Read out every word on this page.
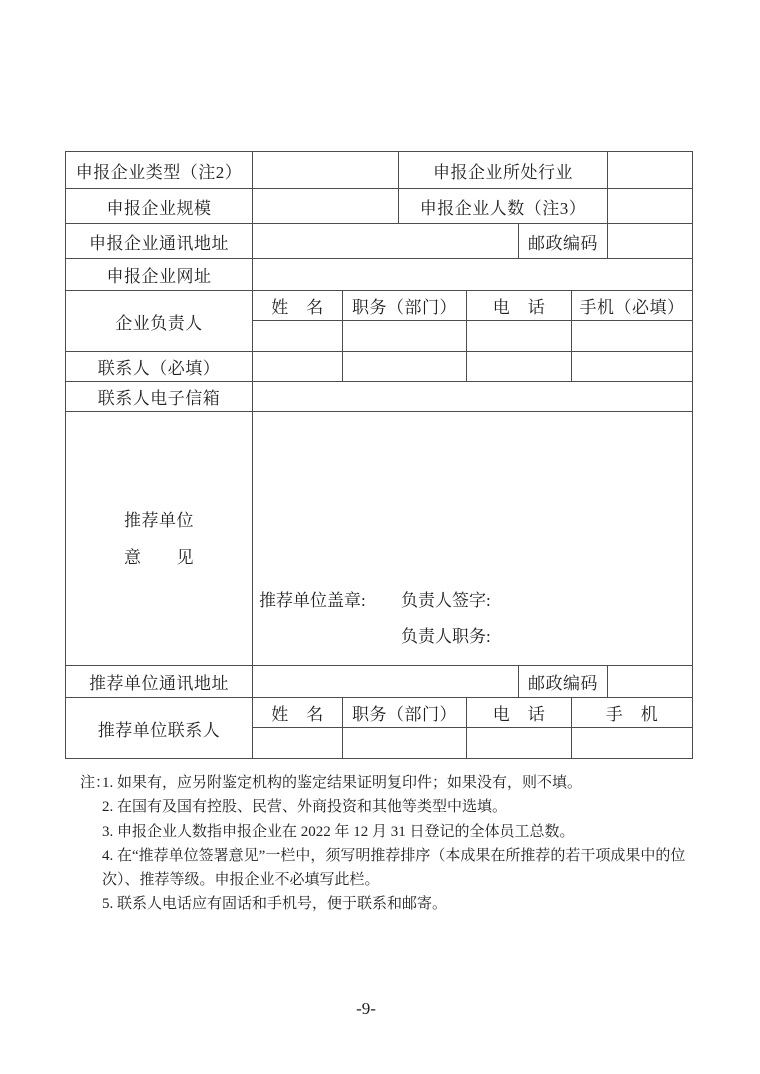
申报企业类型（注2）			申报企业所处行业				
申报企业规模			申报企业人数（注3）				
申报企业通讯地址					邮政编码		
申报企业网址							
企业负责人	姓　名	职务（部门）		电　话		手机（必填）	

联系人（必填）							
联系人电子信箱							

推荐单位
意　　见	推荐单位盖章: 负责人签字:
负责人职务:						

推荐单位通讯地址					邮政编码		
推荐单位联系人	姓　名	职务（部门）		电　话		手　机	

注：
1. 如果有，应另附鉴定机构的鉴定结果证明复印件；如果没有，则不填。
2. 在国有及国有控股、民营、外商投资和其他等类型中选填。
3. 申报企业人数指申报企业在 2022 年 12 月 31 日登记的全体员工总数。
4. 在“推荐单位签署意见”一栏中，须写明推荐排序（本成果在所推荐的若干项成果中的位次）、推荐等级。申报企业不必填写此栏。
5. 联系人电话应有固话和手机号，便于联系和邮寄。
-9-
